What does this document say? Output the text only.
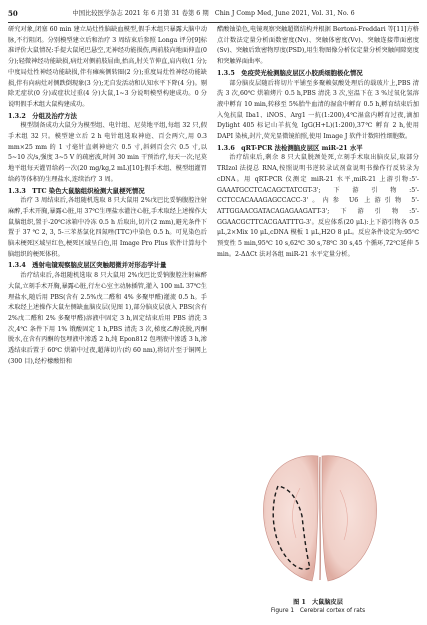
50	中国比较医学杂志 2021 年 6 月第 31 卷第 6 期　Chin J Comp Med, June 2021, Vol. 31, No. 6

研究对象,闭塞 60 min 建立局灶性脑缺血模型,假手术组只暴露大脑中动脉,不行阻闭。分别模型建立后和治疗 3 周结束后参照 Longa 评分[9]标准评价大鼠情况:手提大鼠尾巴悬空,无神经功能损伤,两前肢向地面伸直(0 分);轻微神经功能缺损,病灶对侧前肢屈曲,抬高,肘关节伸直,肩内收(1 分);中度局灶性神经功能缺损,伴有瘫痪侧转圈(2 分);重度局灶性神经功能缺损,伴有向病灶对侧跌倒现象(3 分);无自发活动和认知水平下降(4 分)。剔除无症状(0 分)或症状过重(4 分)大鼠,1~3 分说明模型构建成功。0 分说明假手术组大鼠构建成功。

1.3.2　分组及治疗方法

模型制备成功大鼠分为模型组、电针组、尼莫地平组,每组 32 只,假手术组 32 只。模型建立后 2 h 电针组选取神庭、百会两穴,用 0.3 mm×25 mm 的 1 寸毫针直刺神庭穴 0.5 寸,斜刺百会穴 0.5 寸,以 5~10 次/s,强度 3~5 V 的疏密波,时间 30 min 干预治疗,每天一次;尼莫地平组每天灌胃给药一次(20 mg/kg,2 mL)[10];假手术组、模型组灌胃给药等体积的生理盐水,连续治疗 3 周。

1.3.3　TTC 染色大鼠脑组织检测大鼠梗死情况

治疗 3 周结束后,各组随机选取 8 只大鼠用 2%戊巴比妥钠腹腔注射麻醉,手术开胸,暴露心脏,用 37℃生理盐水灌注心脏,手术取经上述操作大鼠脑组织,置于-20℃冰箱中冷冻 0.5 h 后取出,切片(2 mm),避光条件下置于 37 ℃ 2, 3, 5-三苯基氯化四氮唑(TTC)中染色 0.5 h。可见染色后脑未梗死区域呈红色,梗死区域呈白色,用 Image Pro Plus 软件计算每个脑组织的梗死体积。

1.3.4　透射电镜观察脑皮层区突触超微并对形态学计量

治疗结束后,各组随机选取 8 只大鼠用 2%戊巴比妥钠腹腔注射麻醉大鼠,立刻手术开胸,暴露心脏,行左心室主动脉插管,灌入 100 mL 37℃生理盐水,随后用 PBS(含有 2.5%戊二醛和 4% 多聚甲醛)灌流 0.5 h。手术取经上述操作大鼠左侧缺血脑皮层(见图 1),部分脑皮层放入 PBS(含有 2%戊二醛和 2% 多聚甲醛)溶液中固定 3 h,固定结束后用 PBS 清洗 3 次,4℃ 条件下用 1% 锇酸固定 1 h,PBS 清洗 3 次,梯度乙醇洗脱,丙酮脱水,在含有丙酮的包埋液中渗透 2 h,纯 Epon812 包埋液中渗透 3 h,渗透结束后置于 60℃ 烘箱中过夜,超薄切片(约 60 nm),将切片至于铜网上(300 目),经柠檬酸铅和

醋酸铀染色,电镜观察突触超微结构并根据 Bertoni-Freddari 等[11]方格点计数法定量分析面数密度(Nv)、突触体密度(Vv)、突触连接带面密度(Sv)、突触后致密物厚度(PSD),用生物图像分析仪定量分析突触间隙宽度和突触界面曲率。

1.3.5　免疫荧光检测脑皮层区小胶质细胞极化情况

部分脑皮层随后将切片平铺至多聚赖氨酸处理后的载玻片上,PBS 清洗 3 次,60℃ 烘箱烤片 0.5 h,PBS 清洗 3 次,室温下在 3 %过氧化氢溶液中孵育 10 min,转移至 5%胎牛血清的湿盒中孵育 0.5 h,孵育结束后加入兔抗鼠 Iba1、iNOS、Arg1 一抗(1:200),4℃湿盒内孵育过夜,滴加 Dylight 405 标记山羊抗兔 IgG(H+L)(1:200),37℃ 孵育 2 h,使用 DAPI 染核,封片,荧光显微镜拍照,使用 Image J 软件计数阳性细胞数。

1.3.6　qRT-PCR 法检测脑皮层区 miR-21 水平

治疗结束后,剩余 8 只大鼠脱颈处死,立刻手术取出脑皮层,取部分 TRIzol 法提总 RNA,按照说明书逆转录试剂盒说明书操作行反转录为 cDNA。用 qRT-PCR 仪测定 miR-21 水平,miR-21 上游引物:5'-GAAATGCCTCACAGCTATCGT-3';下游引物:5'-CCTCCACAAAGAGCCACC-3'。内参 U6 上游引物 5'-ATTGGAACGATACAGAGAAGATT-3';下游引物:5'-GGAACGCTTCACGAATTTG-3'。反应体系(20 μL):上下游引物各 0.5 μL,2×Mix 10 μL,cDNA 模板 1 μL,H2O 8 μL。反应条件设定为:95℃预变性 5 min,95℃ 10 s,62℃ 30 s,78℃ 30 s,45 个循环,72℃延伸 5 min。2-ΔΔCt 法对各组 miR-21 水平定量分析。

图 1　大鼠脑皮层
Figure 1　Cerebral cortex of rats
